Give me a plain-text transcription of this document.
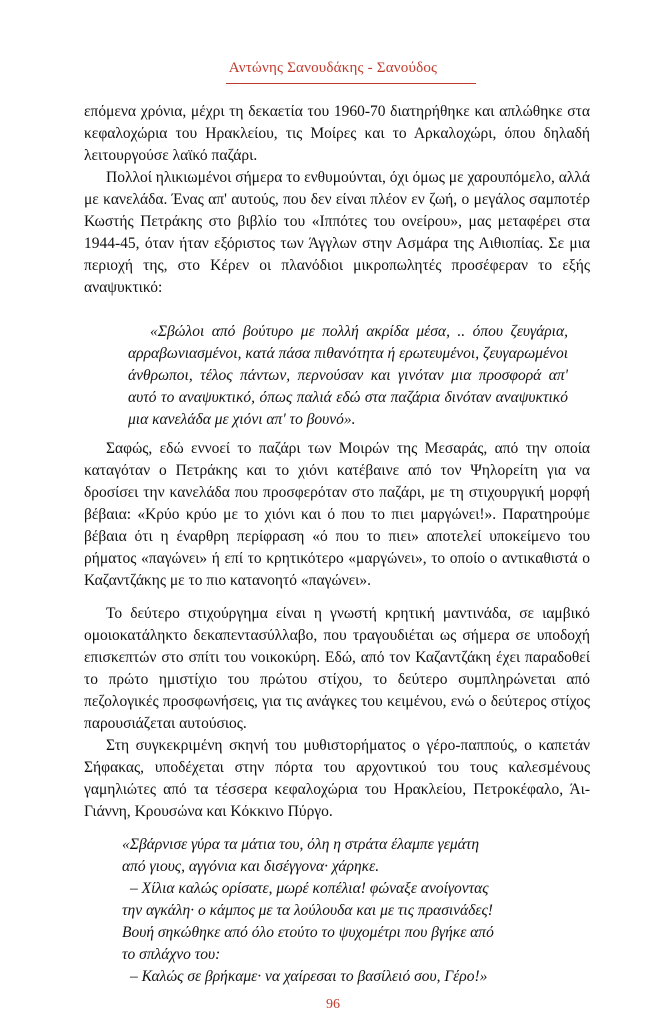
Αντώνης Σανουδάκης - Σανούδος

επόμενα χρόνια, μέχρι τη δεκαετία του 1960-70 διατηρήθηκε και απλώθηκε στα κεφαλοχώρια του Ηρακλείου, τις Μοίρες και το Αρκαλοχώρι, όπου δηλαδή λειτουργούσε λαϊκό παζάρι.

Πολλοί ηλικιωμένοι σήμερα το ενθυμούνται, όχι όμως με χαρουπόμελο, αλλά με κανελάδα. Ένας απ' αυτούς, που δεν είναι πλέον εν ζωή, ο μεγάλος σαμποτέρ Κωστής Πετράκης στο βιβλίο του «Ιππότες του ονείρου», μας μεταφέρει στα 1944-45, όταν ήταν εξόριστος των Άγγλων στην Ασμάρα της Αιθιοπίας. Σε μια περιοχή της, στο Κέρεν οι πλανόδιοι μικροπωλητές προσέφεραν το εξής αναψυκτικό:

«Σβώλοι από βούτυρο με πολλή ακρίδα μέσα, .. όπου ζευγάρια, αρραβωνιασμένοι, κατά πάσα πιθανότητα ή ερωτευμένοι, ζευγαρωμένοι άνθρωποι, τέλος πάντων, περνούσαν και γινόταν μια προσφορά απ' αυτό το αναψυκτικό, όπως παλιά εδώ στα παζάρια δινόταν αναψυκτικό μια κανελάδα με χιόνι απ' το βουνό».

Σαφώς, εδώ εννοεί το παζάρι των Μοιρών της Μεσαράς, από την οποία καταγόταν ο Πετράκης και το χιόνι κατέβαινε από τον Ψηλορείτη για να δροσίσει την κανελάδα που προσφερόταν στο παζάρι, με τη στιχουργική μορφή βέβαια: «Κρύο κρύο με το χιόνι και ό που το πιει μαργώνει!». Παρατηρούμε βέβαια ότι η έναρθρη περίφραση «ό που το πιει» αποτελεί υποκείμενο του ρήματος «παγώνει» ή επί το κρητικότερο «μαργώνει», το οποίο ο αντικαθιστά ο Καζαντζάκης με το πιο κατανοητό «παγώνει».

Το δεύτερο στιχούργημα είναι η γνωστή κρητική μαντινάδα, σε ιαμβικό ομοιοκατάληκτο δεκαπεντασύλλαβο, που τραγουδιέται ως σήμερα σε υποδοχή επισκεπτών στο σπίτι του νοικοκύρη. Εδώ, από τον Καζαντζάκη έχει παραδοθεί το πρώτο ημιστίχιο του πρώτου στίχου, το δεύτερο συμπληρώνεται από πεζολογικές προσφωνήσεις, για τις ανάγκες του κειμένου, ενώ ο δεύτερος στίχος παρουσιάζεται αυτούσιος.

Στη συγκεκριμένη σκηνή του μυθιστορήματος ο γέρο-παππούς, ο καπετάν Σήφακας, υποδέχεται στην πόρτα του αρχοντικού του τους καλεσμένους γαμηλιώτες από τα τέσσερα κεφαλοχώρια του Ηρακλείου, Πετροκέφαλο, Άι-Γιάννη, Κρουσώνα και Κόκκινο Πύργο.

«Σβάρνισε γύρα τα μάτια του, όλη η στράτα έλαμπε γεμάτη

από γιους, αγγόνια και δισέγγονα· χάρηκε.

– Χίλια καλώς ορίσατε, μωρέ κοπέλια! φώναξε ανοίγοντας

την αγκάλη· ο κάμπος με τα λούλουδα και με τις πρασινάδες!

Βουή σηκώθηκε από όλο ετούτο το ψυχομέτρι που βγήκε από

το σπλάχνο του:

– Καλώς σε βρήκαμε· να χαίρεσαι το βασίλειό σου, Γέρο!»

96
